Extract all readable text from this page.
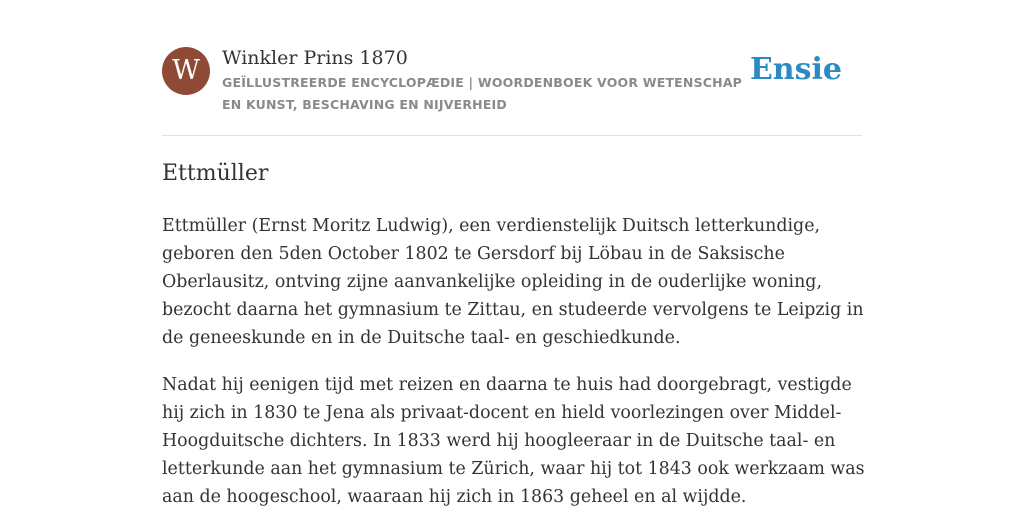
W	Winkler Prins 1870
GEÏLLUSTREERDE ENCYCLOPÆDIE | WOORDENBOEK VOOR WETENSCHAP EN KUNST, BESCHAVING EN NIJVERHEID
Ensie
Ettmüller

Ettmüller (Ernst Moritz Ludwig), een verdienstelijk Duitsch letterkundige, geboren den 5den October 1802 te Gersdorf bij Löbau in de Saksische Oberlausitz, ontving zijne aanvankelijke opleiding in de ouderlijke woning, bezocht daarna het gymnasium te Zittau, en studeerde vervolgens te Leipzig in de geneeskunde en in de Duitsche taal- en geschiedkunde.

Nadat hij eenigen tijd met reizen en daarna te huis had doorgebragt, vestigde hij zich in 1830 te Jena als privaat-docent en hield voorlezingen over Middel-Hoogduitsche dichters. In 1833 werd hij hoogleeraar in de Duitsche taal- en letterkunde aan het gymnasium te Zürich, waar hij tot 1843 ook werkzaam was aan de hoogeschool, waaraan hij zich in 1863 geheel en al wijdde.
